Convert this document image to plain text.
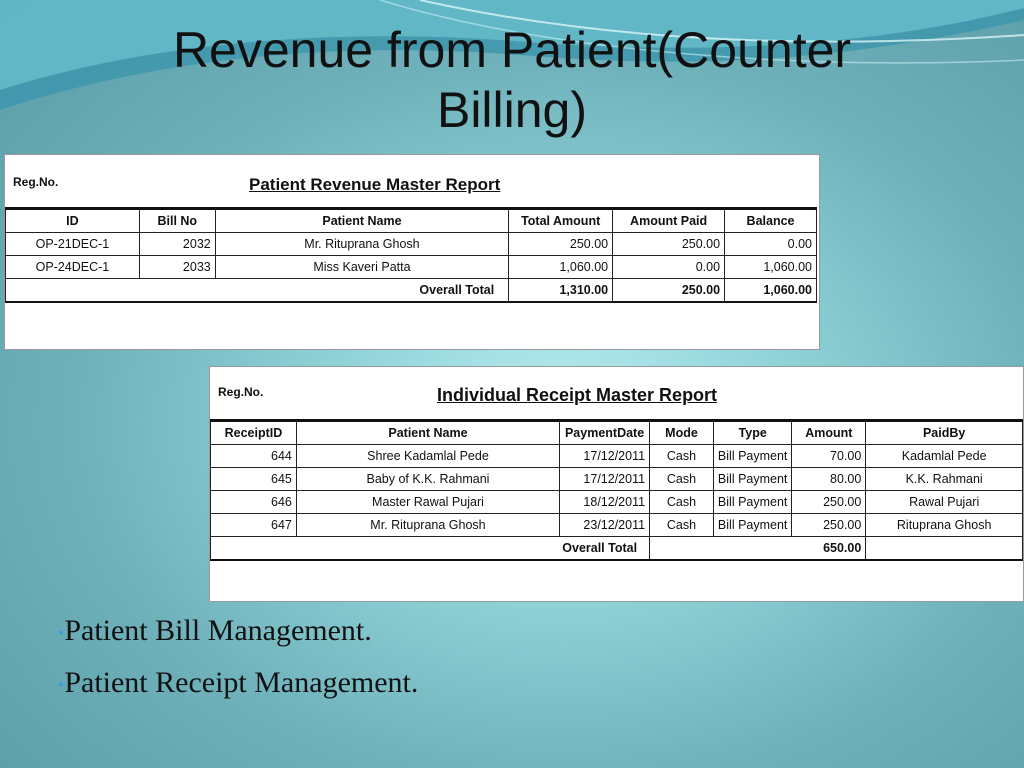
Revenue from Patient(Counter
Billing)
Reg.No.	Patient Revenue Master Report
ID	Bill No	Patient Name	Total Amount	Amount Paid	Balance
OP-21DEC-1	2032	Mr. Rituprana Ghosh	250.00	250.00	0.00
OP-24DEC-1	2033	Miss Kaveri Patta	1,060.00	0.00	1,060.00
Overall Total			1,310.00	250.00	1,060.00
Reg.No.	Individual Receipt Master Report
ReceiptID	Patient Name	PaymentDate	Mode	Type	Amount	PaidBy
644	Shree Kadamlal Pede	17/12/2011	Cash	Bill Payment	70.00	Kadamlal Pede
645	Baby of K.K. Rahmani	17/12/2011	Cash	Bill Payment	80.00	K.K. Rahmani
646	Master Rawal Pujari	18/12/2011	Cash	Bill Payment	250.00	Rawal Pujari
647	Mr. Rituprana Ghosh	23/12/2011	Cash	Bill Payment	250.00	Rituprana Ghosh
Overall Total			650.00			
•Patient Bill Management.
•Patient Receipt Management.
